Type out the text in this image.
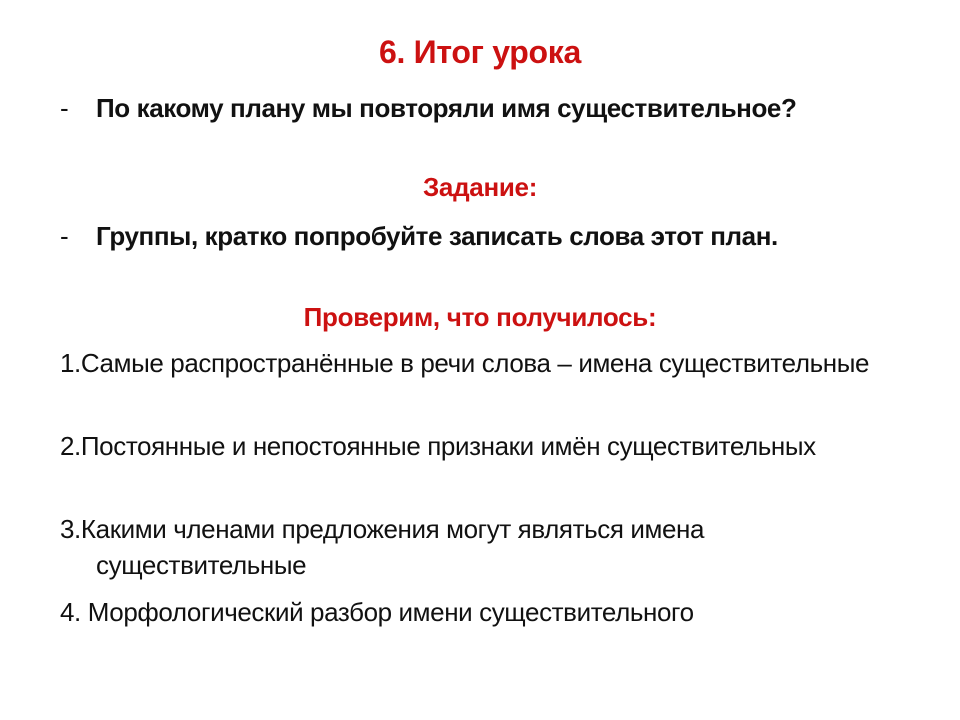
6. Итог урока
-	По какому плану мы повторяли имя существительное?
Задание:
-	Группы, кратко попробуйте записать слова этот план.
Проверим, что получилось:
1.Самые распространённые в речи слова – имена существительные
2.Постоянные и непостоянные признаки имён существительных
3.Какими членами предложения могут являться имена существительные
4. Морфологический разбор имени существительного
